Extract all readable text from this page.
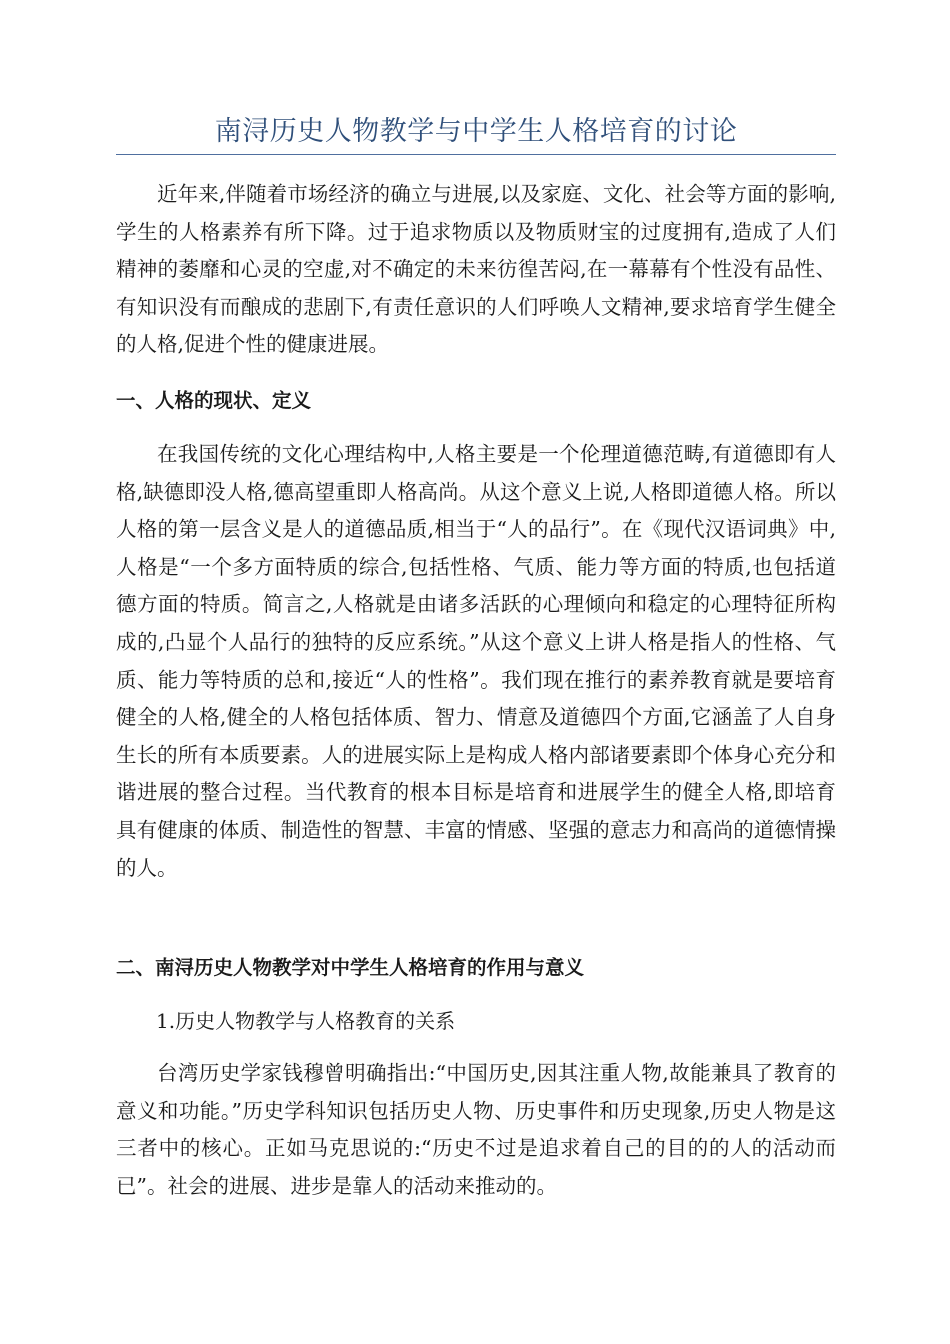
南浔历史人物教学与中学生人格培育的讨论
近年来,伴随着市场经济的确立与进展,以及家庭、文化、社会等方面的影响,学生的人格素养有所下降。过于追求物质以及物质财宝的过度拥有,造成了人们精神的萎靡和心灵的空虚,对不确定的未来彷徨苦闷,在一幕幕有个性没有品性、有知识没有而酿成的悲剧下,有责任意识的人们呼唤人文精神,要求培育学生健全的人格,促进个性的健康进展。
一、人格的现状、定义
在我国传统的文化心理结构中,人格主要是一个伦理道德范畴,有道德即有人格,缺德即没人格,德高望重即人格高尚。从这个意义上说,人格即道德人格。所以人格的第一层含义是人的道德品质,相当于“人的品行”。在《现代汉语词典》中,人格是“一个多方面特质的综合,包括性格、气质、能力等方面的特质,也包括道德方面的特质。简言之,人格就是由诸多活跃的心理倾向和稳定的心理特征所构成的,凸显个人品行的独特的反应系统。”从这个意义上讲人格是指人的性格、气质、能力等特质的总和,接近“人的性格”。我们现在推行的素养教育就是要培育健全的人格,健全的人格包括体质、智力、情意及道德四个方面,它涵盖了人自身生长的所有本质要素。人的进展实际上是构成人格内部诸要素即个体身心充分和谐进展的整合过程。当代教育的根本目标是培育和进展学生的健全人格,即培育具有健康的体质、制造性的智慧、丰富的情感、坚强的意志力和高尚的道德情操的人。
二、南浔历史人物教学对中学生人格培育的作用与意义
1.历史人物教学与人格教育的关系
台湾历史学家钱穆曾明确指出:“中国历史,因其注重人物,故能兼具了教育的意义和功能。”历史学科知识包括历史人物、历史事件和历史现象,历史人物是这三者中的核心。正如马克思说的:“历史不过是追求着自己的目的的人的活动而已”。社会的进展、进步是靠人的活动来推动的。
